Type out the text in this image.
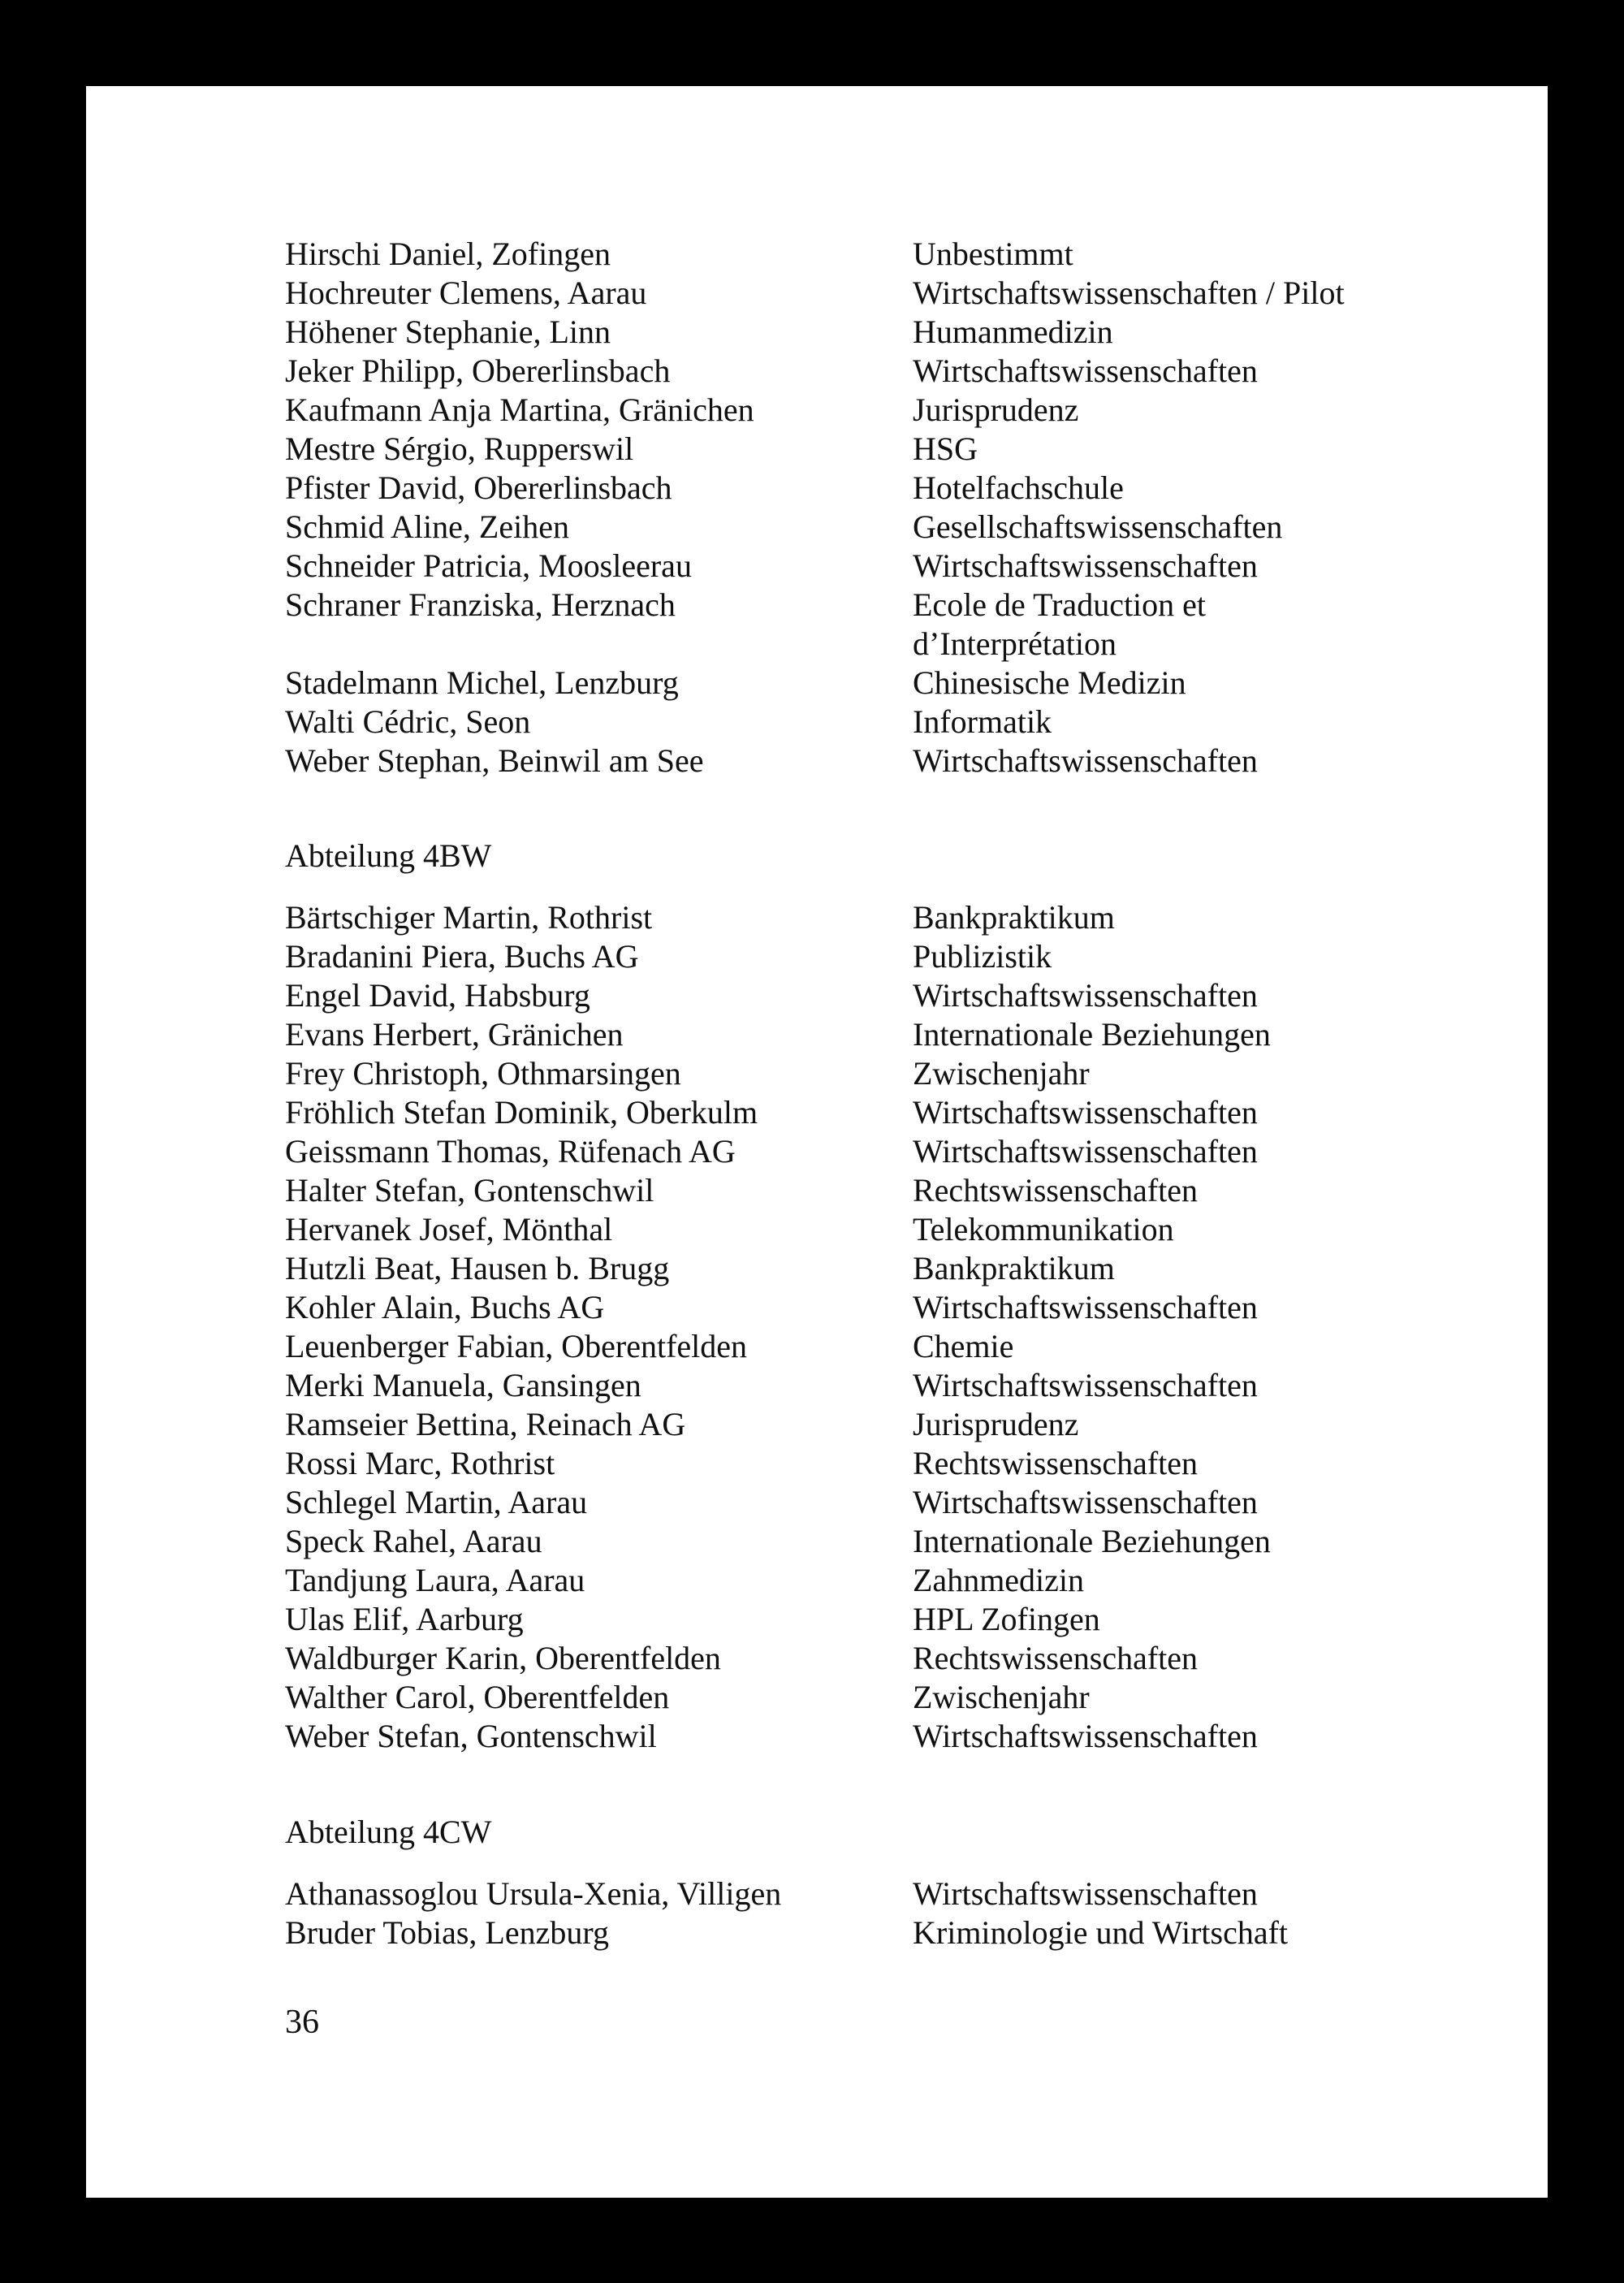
Hirschi Daniel, Zofingen	Unbestimmt
Hochreuter Clemens, Aarau	Wirtschaftswissenschaften / Pilot
Höhener Stephanie, Linn	Humanmedizin
Jeker Philipp, Obererlinsbach	Wirtschaftswissenschaften
Kaufmann Anja Martina, Gränichen	Jurisprudenz
Mestre Sérgio, Rupperswil	HSG
Pfister David, Obererlinsbach	Hotelfachschule
Schmid Aline, Zeihen	Gesellschaftswissenschaften
Schneider Patricia, Moosleerau	Wirtschaftswissenschaften
Schraner Franziska, Herznach	Ecole de Traduction et
d’Interprétation
Stadelmann Michel, Lenzburg	Chinesische Medizin
Walti Cédric, Seon	Informatik
Weber Stephan, Beinwil am See	Wirtschaftswissenschaften
Abteilung 4BW
Bärtschiger Martin, Rothrist	Bankpraktikum
Bradanini Piera, Buchs AG	Publizistik
Engel David, Habsburg	Wirtschaftswissenschaften
Evans Herbert, Gränichen	Internationale Beziehungen
Frey Christoph, Othmarsingen	Zwischenjahr
Fröhlich Stefan Dominik, Oberkulm	Wirtschaftswissenschaften
Geissmann Thomas, Rüfenach AG	Wirtschaftswissenschaften
Halter Stefan, Gontenschwil	Rechtswissenschaften
Hervanek Josef, Mönthal	Telekommunikation
Hutzli Beat, Hausen b. Brugg	Bankpraktikum
Kohler Alain, Buchs AG	Wirtschaftswissenschaften
Leuenberger Fabian, Oberentfelden	Chemie
Merki Manuela, Gansingen	Wirtschaftswissenschaften
Ramseier Bettina, Reinach AG	Jurisprudenz
Rossi Marc, Rothrist	Rechtswissenschaften
Schlegel Martin, Aarau	Wirtschaftswissenschaften
Speck Rahel, Aarau	Internationale Beziehungen
Tandjung Laura, Aarau	Zahnmedizin
Ulas Elif, Aarburg	HPL Zofingen
Waldburger Karin, Oberentfelden	Rechtswissenschaften
Walther Carol, Oberentfelden	Zwischenjahr
Weber Stefan, Gontenschwil	Wirtschaftswissenschaften
Abteilung 4CW
Athanassoglou Ursula-Xenia, Villigen	Wirtschaftswissenschaften
Bruder Tobias, Lenzburg	Kriminologie und Wirtschaft
36
